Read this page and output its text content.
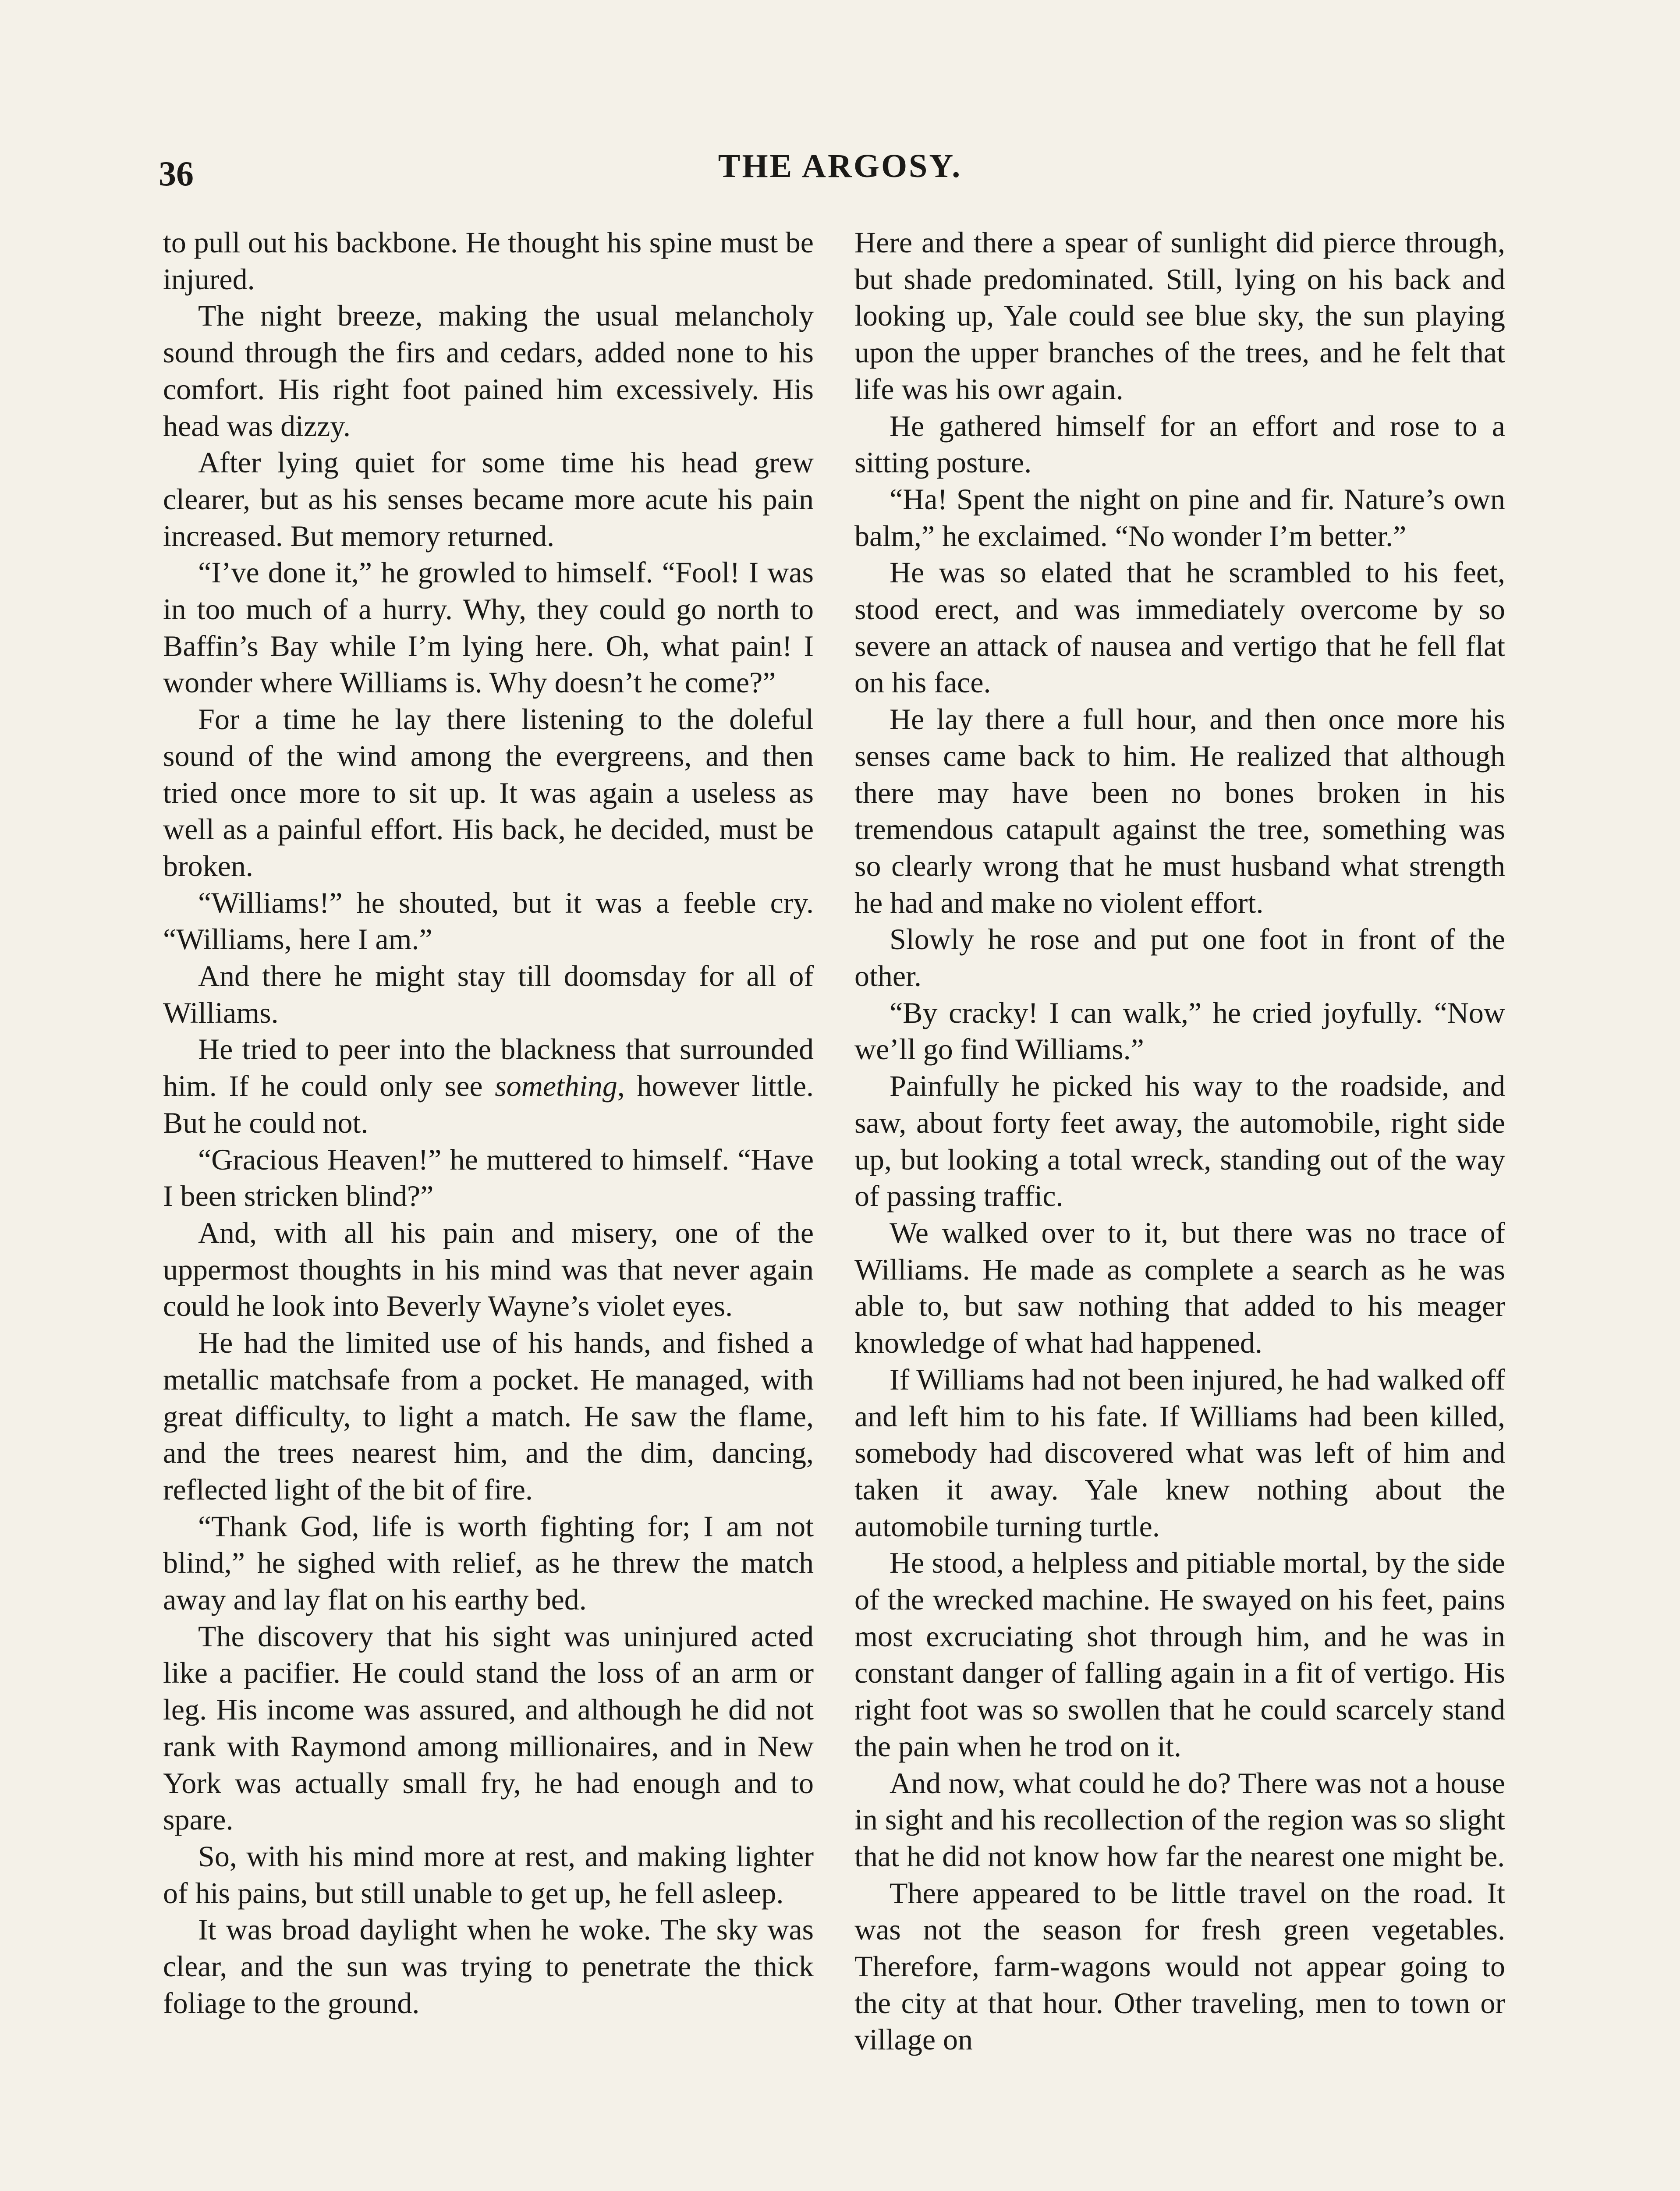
36	THE ARGOSY.

to pull out his backbone. He thought his spine must be injured.

The night breeze, making the usual melancholy sound through the firs and cedars, added none to his comfort. His right foot pained him excessively. His head was dizzy.

After lying quiet for some time his head grew clearer, but as his senses became more acute his pain increased. But memory returned.

“I’ve done it,” he growled to himself. “Fool! I was in too much of a hurry. Why, they could go north to Baffin’s Bay while I’m lying here. Oh, what pain! I wonder where Williams is. Why doesn’t he come?”

For a time he lay there listening to the doleful sound of the wind among the evergreens, and then tried once more to sit up. It was again a useless as well as a painful effort. His back, he decided, must be broken.

“Williams!” he shouted, but it was a feeble cry. “Williams, here I am.”

And there he might stay till doomsday for all of Williams.

He tried to peer into the blackness that surrounded him. If he could only see something, however little. But he could not.

“Gracious Heaven!” he muttered to himself. “Have I been stricken blind?”

And, with all his pain and misery, one of the uppermost thoughts in his mind was that never again could he look into Beverly Wayne’s violet eyes.

He had the limited use of his hands, and fished a metallic matchsafe from a pocket. He managed, with great difficulty, to light a match. He saw the flame, and the trees nearest him, and the dim, dancing, reflected light of the bit of fire.

“Thank God, life is worth fighting for; I am not blind,” he sighed with relief, as he threw the match away and lay flat on his earthy bed.

The discovery that his sight was uninjured acted like a pacifier. He could stand the loss of an arm or leg. His income was assured, and although he did not rank with Raymond among millionaires, and in New York was actually small fry, he had enough and to spare.

So, with his mind more at rest, and making lighter of his pains, but still unable to get up, he fell asleep.

It was broad daylight when he woke. The sky was clear, and the sun was trying to penetrate the thick foliage to the ground.

Here and there a spear of sunlight did pierce through, but shade predominated. Still, lying on his back and looking up, Yale could see blue sky, the sun playing upon the upper branches of the trees, and he felt that life was his owr again.

He gathered himself for an effort and rose to a sitting posture.

“Ha! Spent the night on pine and fir. Nature’s own balm,” he exclaimed. “No wonder I’m better.”

He was so elated that he scrambled to his feet, stood erect, and was immediately overcome by so severe an attack of nausea and vertigo that he fell flat on his face.

He lay there a full hour, and then once more his senses came back to him. He realized that although there may have been no bones broken in his tremendous catapult against the tree, something was so clearly wrong that he must husband what strength he had and make no violent effort.

Slowly he rose and put one foot in front of the other.

“By cracky! I can walk,” he cried joyfully. “Now we’ll go find Williams.”

Painfully he picked his way to the roadside, and saw, about forty feet away, the automobile, right side up, but looking a total wreck, standing out of the way of passing traffic.

We walked over to it, but there was no trace of Williams. He made as complete a search as he was able to, but saw nothing that added to his meager knowledge of what had happened.

If Williams had not been injured, he had walked off and left him to his fate. If Williams had been killed, somebody had discovered what was left of him and taken it away. Yale knew nothing about the automobile turning turtle.

He stood, a helpless and pitiable mortal, by the side of the wrecked machine. He swayed on his feet, pains most excruciating shot through him, and he was in constant danger of falling again in a fit of vertigo. His right foot was so swollen that he could scarcely stand the pain when he trod on it.

And now, what could he do? There was not a house in sight and his recollection of the region was so slight that he did not know how far the nearest one might be.

There appeared to be little travel on the road. It was not the season for fresh green vegetables. Therefore, farm-wagons would not appear going to the city at that hour. Other traveling, men to town or village on
